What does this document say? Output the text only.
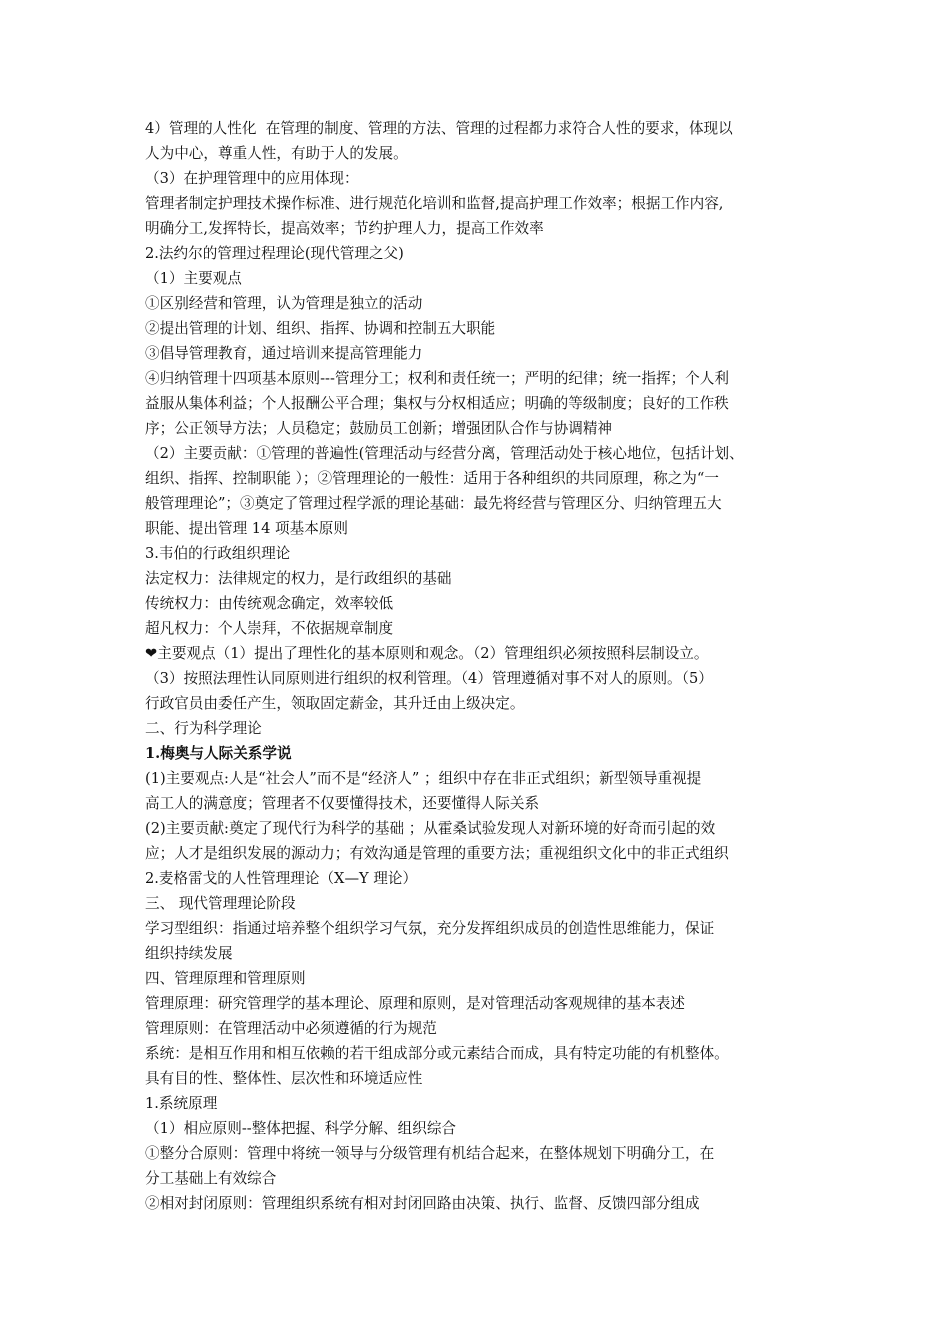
4）管理的人性化  在管理的制度、管理的方法、管理的过程都力求符合人性的要求，体现以
人为中心，尊重人性，有助于人的发展。
（3）在护理管理中的应用体现：
管理者制定护理技术操作标准、进行规范化培训和监督,提高护理工作效率；根据工作内容,
明确分工,发挥特长，提高效率；节约护理人力，提高工作效率
2.法约尔的管理过程理论(现代管理之父)
（1）主要观点
①区别经营和管理，认为管理是独立的活动
②提出管理的计划、组织、指挥、协调和控制五大职能
③倡导管理教育，通过培训来提高管理能力
④归纳管理十四项基本原则---管理分工；权利和责任统一；严明的纪律；统一指挥；个人利
益服从集体利益；个人报酬公平合理；集权与分权相适应；明确的等级制度；良好的工作秩
序；公正领导方法；人员稳定；鼓励员工创新；增强团队合作与协调精神
（2）主要贡献：①管理的普遍性(管理活动与经营分离，管理活动处于核心地位，包括计划、
组织、指挥、控制职能 ）；②管理理论的一般性：适用于各种组织的共同原理，称之为“一
般管理理论”；③奠定了管理过程学派的理论基础：最先将经营与管理区分、归纳管理五大
职能、提出管理 14 项基本原则
3.韦伯的行政组织理论
法定权力：法律规定的权力，是行政组织的基础
传统权力：由传统观念确定，效率较低
超凡权力：个人崇拜，不依据规章制度
❤主要观点（1）提出了理性化的基本原则和观念。（2）管理组织必须按照科层制设立。
（3）按照法理性认同原则进行组织的权利管理。（4）管理遵循对事不对人的原则。（5）
行政官员由委任产生，领取固定薪金，其升迁由上级决定。
二、行为科学理论
1.梅奥与人际关系学说
(1)主要观点:人是“社会人”而不是“经济人” ；组织中存在非正式组织；新型领导重视提
高工人的满意度；管理者不仅要懂得技术，还要懂得人际关系
(2)主要贡献:奠定了现代行为科学的基础 ；从霍桑试验发现人对新环境的好奇而引起的效
应；人才是组织发展的源动力；有效沟通是管理的重要方法；重视组织文化中的非正式组织
2.麦格雷戈的人性管理理论（X—Y 理论）
三、 现代管理理论阶段
学习型组织：指通过培养整个组织学习气氛，充分发挥组织成员的创造性思维能力，保证
组织持续发展
四、管理原理和管理原则
管理原理：研究管理学的基本理论、原理和原则，是对管理活动客观规律的基本表述
管理原则：在管理活动中必须遵循的行为规范
系统：是相互作用和相互依赖的若干组成部分或元素结合而成，具有特定功能的有机整体。
具有目的性、整体性、层次性和环境适应性
1.系统原理
（1）相应原则--整体把握、科学分解、组织综合
①整分合原则：管理中将统一领导与分级管理有机结合起来，在整体规划下明确分工，在
分工基础上有效综合
②相对封闭原则：管理组织系统有相对封闭回路由决策、执行、监督、反馈四部分组成
